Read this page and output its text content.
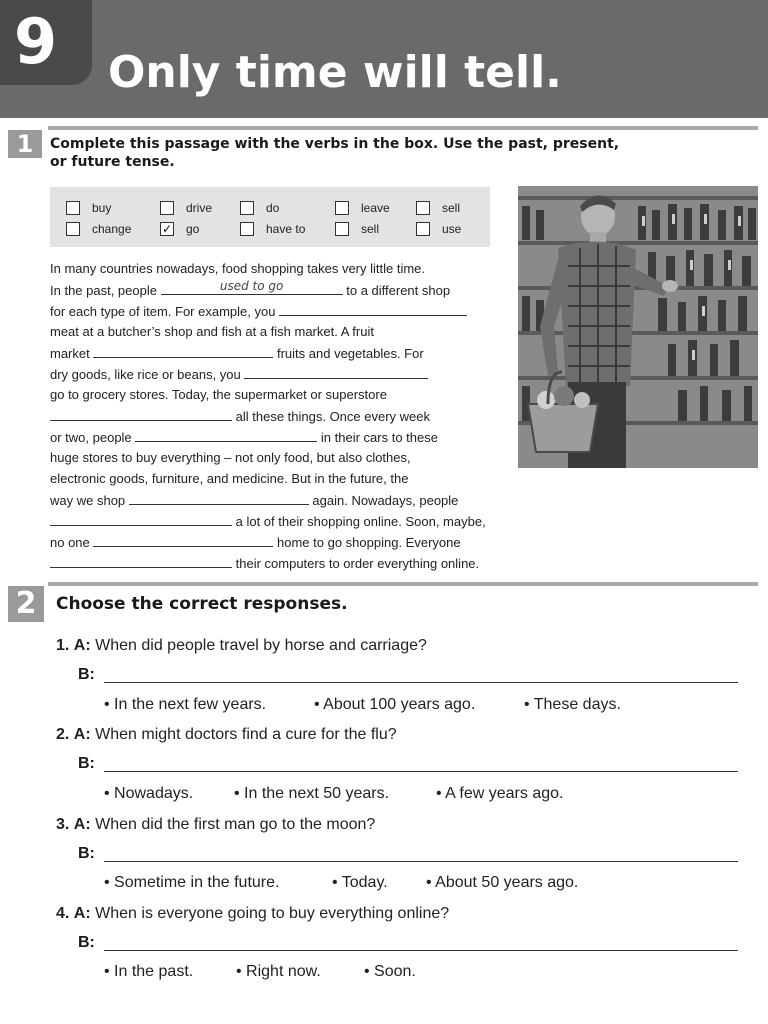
9 Only time will tell.
1	Complete this passage with the verbs in the box. Use the past, present,
or future tense.
buy	drive	do	leave	sell
change	✓ go	have to	sell	use
In many countries nowadays, food shopping takes very little time.
In the past, people	used to go	to a different shop
for each type of item. For example, you
meat at a butcher’s shop and fish at a fish market. A fruit
market	fruits and vegetables. For
dry goods, like rice or beans, you
go to grocery stores. Today, the supermarket or superstore
all these things. Once every week
or two, people	in their cars to these
huge stores to buy everything – not only food, but also clothes,
electronic goods, furniture, and medicine. But in the future, the
way we shop	again. Nowadays, people
a lot of their shopping online. Soon, maybe,
no one	home to go shopping. Everyone
their computers to order everything online.
2	Choose the correct responses.
1. A: When did people travel by horse and carriage?
B:
• In the next few years.	• About 100 years ago.	• These days.
2. A: When might doctors find a cure for the flu?
B:
• Nowadays.	• In the next 50 years.	• A few years ago.
3. A: When did the first man go to the moon?
B:
• Sometime in the future.	• Today. • About 50 years ago.
4. A: When is everyone going to buy everything online?
B:
• In the past.	• Right now.	• Soon.
